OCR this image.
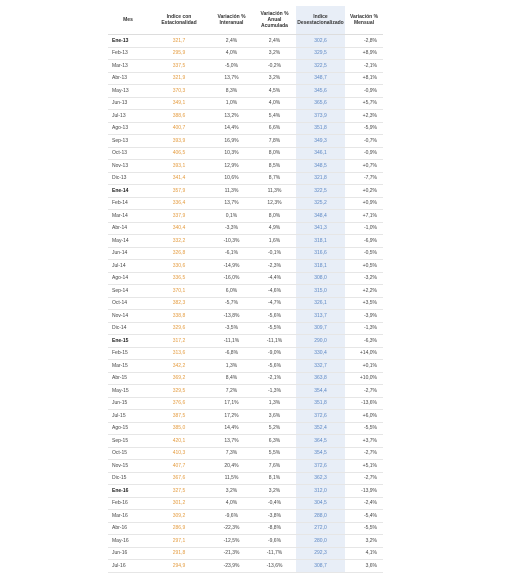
Mes	Indice con Estacionalidad	Variación % Interanual	Variación % Anual Acumulada	Indice Desestacionalizado	Variación % Mensual
Ene-13	321,7	2,4%	2,4%	302,6	-2,8%
Feb-13	295,9	4,0%	3,2%	329,5	+8,9%
Mar-13	337,5	-5,0%	-0,2%	322,5	-2,1%
Abr-13	321,9	13,7%	3,2%	348,7	+8,1%
May-13	370,3	8,3%	4,5%	345,6	-0,9%
Jun-13	349,1	1,0%	4,0%	365,6	+5,7%
Jul-13	388,6	13,2%	5,4%	373,9	+2,3%
Ago-13	400,7	14,4%	6,6%	351,8	-5,9%
Sep-13	393,9	16,9%	7,8%	349,3	-0,7%
Oct-13	406,5	10,3%	8,0%	346,1	-0,9%
Nov-13	393,1	12,9%	8,5%	348,5	+0,7%
Dic-13	341,4	10,6%	8,7%	321,8	-7,7%
Ene-14	357,9	11,3%	11,3%	322,5	+0,2%
Feb-14	336,4	13,7%	12,3%	325,2	+0,9%
Mar-14	337,9	0,1%	8,0%	348,4	+7,1%
Abr-14	340,4	-3,3%	4,9%	341,3	-1,0%
May-14	332,2	-10,3%	1,6%	318,1	-6,9%
Jun-14	326,8	-6,1%	-0,1%	316,6	-0,5%
Jul-14	330,6	-14,9%	-2,3%	318,1	+0,5%
Ago-14	336,5	-16,0%	-4,4%	308,0	-3,2%
Sep-14	370,1	6,0%	-4,6%	315,0	+2,2%
Oct-14	382,3	-5,7%	-4,7%	326,1	+3,5%
Nov-14	338,8	-13,8%	-5,6%	313,7	-3,9%
Dic-14	329,6	-3,5%	-5,5%	309,7	-1,3%
Ene-15	317,2	-11,1%	-11,1%	290,0	-6,3%
Feb-15	313,6	-6,8%	-9,0%	330,4	+14,0%
Mar-15	342,2	1,3%	-5,6%	332,7	+0,1%
Abr-15	369,2	8,4%	-2,1%	363,8	+10,0%
May-15	329,5	7,2%	-1,3%	354,4	-2,7%
Jun-15	376,6	17,1%	1,3%	351,8	-13,6%
Jul-15	387,5	17,2%	3,6%	372,6	+6,0%
Ago-15	385,0	14,4%	5,2%	352,4	-5,5%
Sep-15	420,1	13,7%	6,3%	364,5	+3,7%
Oct-15	410,3	7,3%	5,5%	354,5	-2,7%
Nov-15	407,7	20,4%	7,6%	372,6	+5,1%
Dic-15	367,6	11,5%	8,1%	362,3	-2,7%
Ene-16	327,5	3,2%	3,2%	312,0	-13,9%
Feb-16	301,2	4,0%	-0,4%	304,5	-2,4%
Mar-16	309,2	-9,6%	-3,8%	288,0	-5,4%
Abr-16	286,9	-22,3%	-8,8%	272,0	-5,5%
May-16	297,1	-12,5%	-9,6%	280,0	3,2%
Jun-16	291,8	-21,3%	-11,7%	292,3	4,1%
Jul-16	294,9	-23,9%	-13,6%	308,7	3,6%
